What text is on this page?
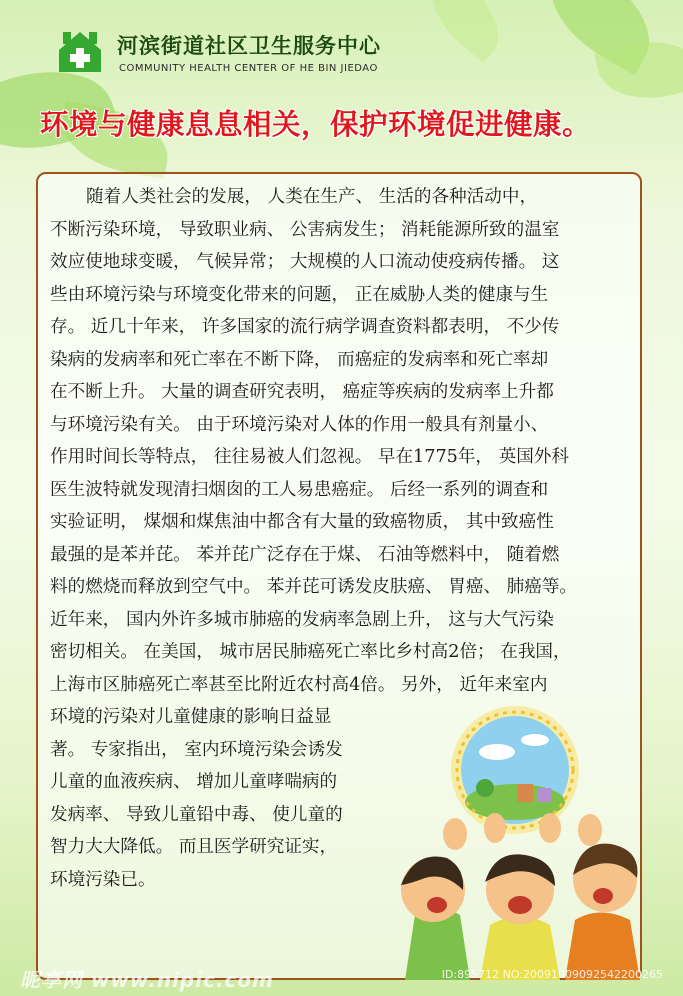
河滨街道社区卫生服务中心
COMMUNITY HEALTH CENTER OF HE BIN JIEDAO
环境与健康息息相关，保护环境促进健康。

随着人类社会的发展， 人类在生产、 生活的各种活动中，
不断污染环境， 导致职业病、 公害病发生； 消耗能源所致的温室
效应使地球变暖， 气候异常； 大规模的人口流动使疫病传播。 这
些由环境污染与环境变化带来的问题， 正在威胁人类的健康与生
存。 近几十年来， 许多国家的流行病学调查资料都表明， 不少传
染病的发病率和死亡率在不断下降， 而癌症的发病率和死亡率却
在不断上升。 大量的调查研究表明， 癌症等疾病的发病率上升都
与环境污染有关。 由于环境污染对人体的作用一般具有剂量小、
作用时间长等特点， 往往易被人们忽视。 早在1775年， 英国外科
医生波特就发现清扫烟囱的工人易患癌症。 后经一系列的调查和
实验证明， 煤烟和煤焦油中都含有大量的致癌物质， 其中致癌性
最强的是苯并芘。 苯并芘广泛存在于煤、 石油等燃料中， 随着燃
料的燃烧而释放到空气中。 苯并芘可诱发皮肤癌、 胃癌、 肺癌等。
近年来， 国内外许多城市肺癌的发病率急剧上升， 这与大气污染
密切相关。 在美国， 城市居民肺癌死亡率比乡村高2倍； 在我国，
上海市区肺癌死亡率甚至比附近农村高4倍。 另外， 近年来室内
环境的污染对儿童健康的影响日益显
著。 专家指出， 室内环境污染会诱发
儿童的血液疾病、 增加儿童哮喘病的
发病率、 导致儿童铅中毒、 使儿童的
智力大大降低。 而且医学研究证实，
环境污染已。

昵享网 www.nipic.com	ID:895712 NO:20091009092542200265
